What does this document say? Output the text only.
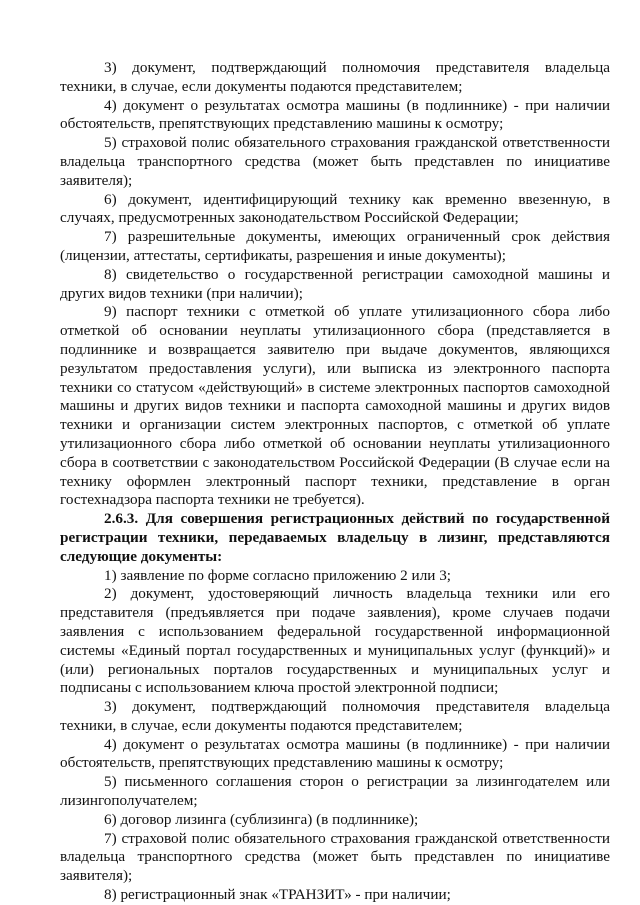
3) документ, подтверждающий полномочия представителя владельца техники, в случае, если документы подаются представителем;

4) документ о результатах осмотра машины (в подлиннике) - при наличии обстоятельств, препятствующих представлению машины к осмотру;

5) страховой полис обязательного страхования гражданской ответственности владельца транспортного средства (может быть представлен по инициативе заявителя);

6) документ, идентифицирующий технику как временно ввезенную, в случаях, предусмотренных законодательством Российской Федерации;

7) разрешительные документы, имеющих ограниченный срок действия (лицензии, аттестаты, сертификаты, разрешения и иные документы);

8) свидетельство о государственной регистрации самоходной машины и других видов техники (при наличии);

9) паспорт техники с отметкой об уплате утилизационного сбора либо отметкой об основании неуплаты утилизационного сбора (представляется в подлиннике и возвращается заявителю при выдаче документов, являющихся результатом предоставления услуги), или выписка из электронного паспорта техники со статусом «действующий» в системе электронных паспортов самоходной машины и других видов техники и паспорта самоходной машины и других видов техники и организации систем электронных паспортов, с отметкой об уплате утилизационного сбора либо отметкой об основании неуплаты утилизационного сбора в соответствии с законодательством Российской Федерации (В случае если на технику оформлен электронный паспорт техники, представление в орган гостехнадзора паспорта техники не требуется).

2.6.3. Для совершения регистрационных действий по государственной регистрации техники, передаваемых владельцу в лизинг, представляются следующие документы:

1) заявление по форме согласно приложению 2 или 3;

2) документ, удостоверяющий личность владельца техники или его представителя (предъявляется при подаче заявления), кроме случаев подачи заявления с использованием федеральной государственной информационной системы «Единый портал государственных и муниципальных услуг (функций)» и (или) региональных порталов государственных и муниципальных услуг и подписаны с использованием ключа простой электронной подписи;

3) документ, подтверждающий полномочия представителя владельца техники, в случае, если документы подаются представителем;

4) документ о результатах осмотра машины (в подлиннике) - при наличии обстоятельств, препятствующих представлению машины к осмотру;

5) письменного соглашения сторон о регистрации за лизингодателем или лизингополучателем;

6) договор лизинга (сублизинга) (в подлиннике);

7) страховой полис обязательного страхования гражданской ответственности владельца транспортного средства (может быть представлен по инициативе заявителя);

8) регистрационный знак «ТРАНЗИТ» - при наличии;
